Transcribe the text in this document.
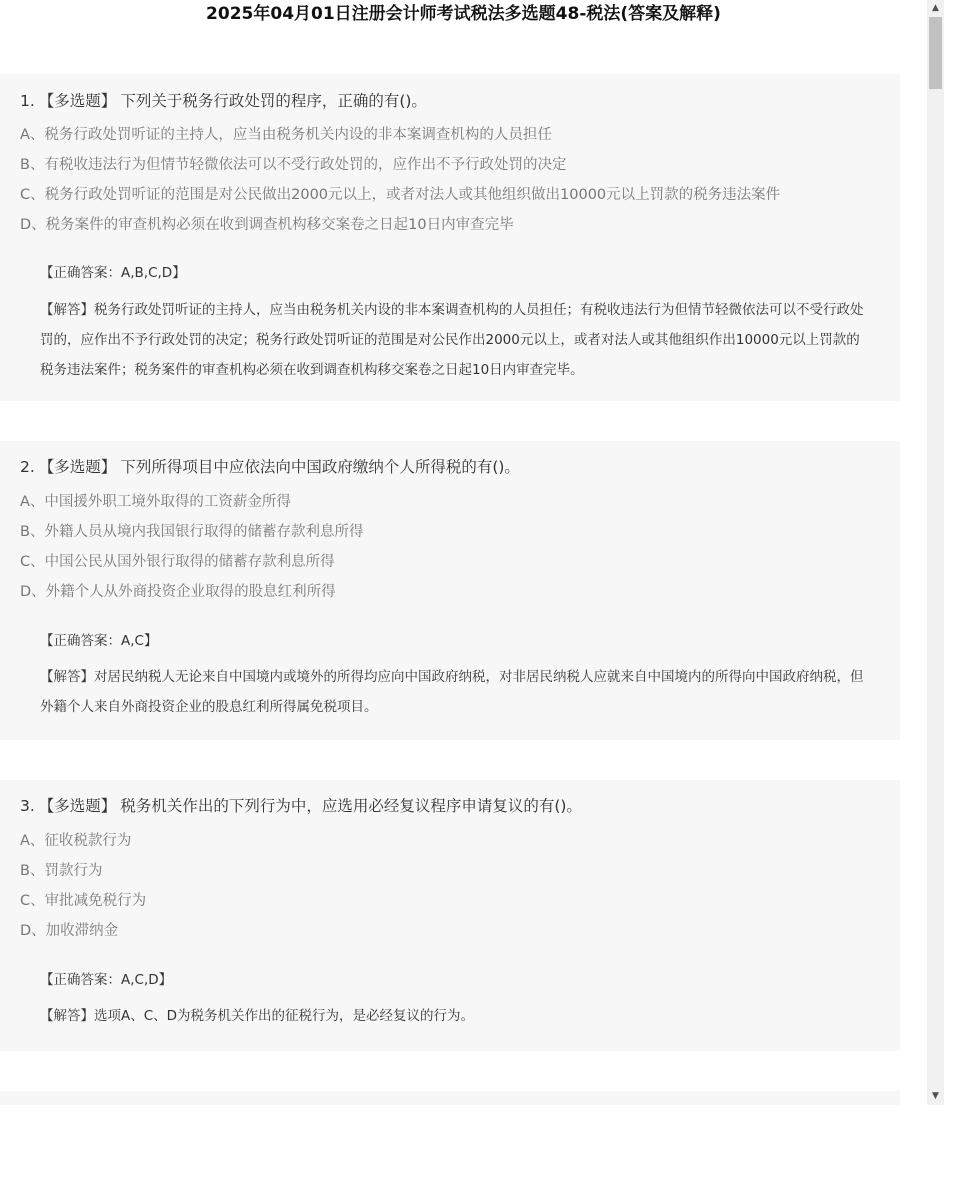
2025年04月01日注册会计师考试税法多选题48-税法(答案及解释)
1. 【多选题】 下列关于税务行政处罚的程序，正确的有()。
A、税务行政处罚听证的主持人，应当由税务机关内设的非本案调查机构的人员担任
B、有税收违法行为但情节轻微依法可以不受行政处罚的，应作出不予行政处罚的决定
C、税务行政处罚听证的范围是对公民做出2000元以上，或者对法人或其他组织做出10000元以上罚款的税务违法案件
D、税务案件的审查机构必须在收到调查机构移交案卷之日起10日内审查完毕
【正确答案：A,B,C,D】

【解答】税务行政处罚听证的主持人，应当由税务机关内设的非本案调查机构的人员担任；有税收违法行为但情节轻微依法可以不受行政处罚的，应作出不予行政处罚的决定；税务行政处罚听证的范围是对公民作出2000元以上，或者对法人或其他组织作出10000元以上罚款的税务违法案件；税务案件的审查机构必须在收到调查机构移交案卷之日起10日内审查完毕。

2. 【多选题】 下列所得项目中应依法向中国政府缴纳个人所得税的有()。
A、中国援外职工境外取得的工资薪金所得
B、外籍人员从境内我国银行取得的储蓄存款利息所得
C、中国公民从国外银行取得的储蓄存款利息所得
D、外籍个人从外商投资企业取得的股息红利所得
【正确答案：A,C】

【解答】对居民纳税人无论来自中国境内或境外的所得均应向中国政府纳税，对非居民纳税人应就来自中国境内的所得向中国政府纳税，但外籍个人来自外商投资企业的股息红利所得属免税项目。

3. 【多选题】 税务机关作出的下列行为中，应选用必经复议程序申请复议的有()。
A、征收税款行为
B、罚款行为
C、审批减免税行为
D、加收滞纳金
【正确答案：A,C,D】

【解答】选项A、C、D为税务机关作出的征税行为，是必经复议的行为。

▲
▼
